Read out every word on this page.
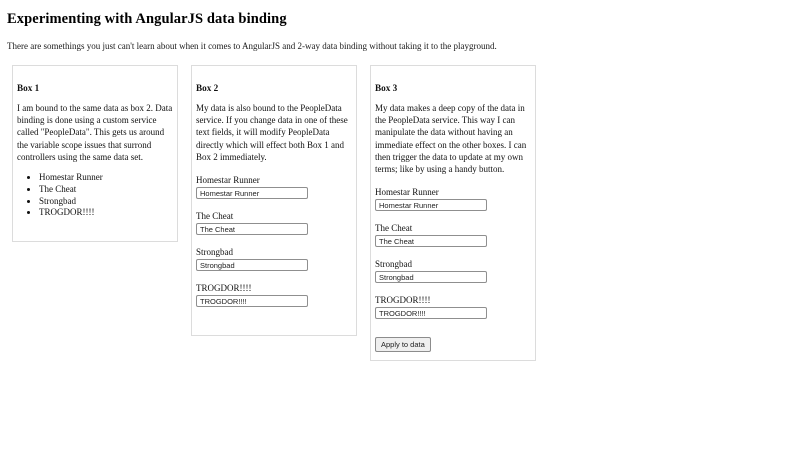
Experimenting with AngularJS data binding

There are somethings you just can't learn about when it comes to AngularJS and 2-way data binding without taking it to the playground.

Box 1

I am bound to the same data as box 2. Data binding is done using a custom service called "PeopleData". This gets us around the variable scope issues that surrond controllers using the same data set.

• Homestar Runner
• The Cheat
• Strongbad
• TROGDOR!!!!

Box 2

My data is also bound to the PeopleData service. If you change data in one of these text fields, it will modify PeopleData directly which will effect both Box 1 and Box 2 immediately.

Homestar Runner
Homestar Runner
The Cheat
The Cheat
Strongbad
Strongbad
TROGDOR!!!!
TROGDOR!!!!

Box 3

My data makes a deep copy of the data in the PeopleData service. This way I can manipulate the data without having an immediate effect on the other boxes. I can then trigger the data to update at my own terms; like by using a handy button.

Homestar Runner
Homestar Runner
The Cheat
The Cheat
Strongbad
Strongbad
TROGDOR!!!!
TROGDOR!!!!
Apply to data
